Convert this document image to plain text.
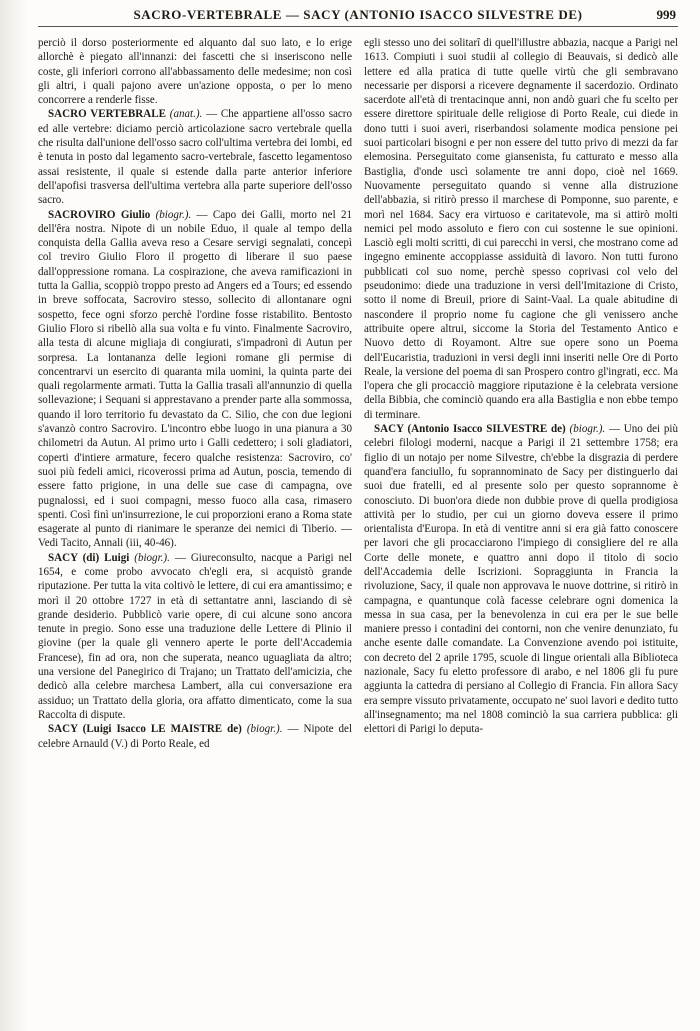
SACRO-VERTEBRALE — SACY (ANTONIO ISACCO SILVESTRE DE)	999

perciò il dorso posteriormente ed alquanto dal suo lato, e lo erige allorchè è piegato all'innanzi: dei fascetti che si inseriscono nelle coste, gli inferiori corrono all'abbassamento delle medesime; non così gli altri, i quali pajono avere un'azione opposta, o per lo meno concorrere a renderle fisse.

SACRO VERTEBRALE (anat.). — Che appartiene all'osso sacro ed alle vertebre: diciamo perciò articolazione sacro vertebrale quella che risulta dall'unione dell'osso sacro coll'ultima vertebra dei lombi, ed è tenuta in posto dal legamento sacro-vertebrale, fascetto legamentoso assai resistente, il quale si estende dalla parte anterior inferiore dell'apofisi trasversa dell'ultima vertebra alla parte superiore dell'osso sacro.

SACROVIRO Giulio (biogr.). — Capo dei Galli, morto nel 21 dell'êra nostra. Nipote di un nobile Eduo, il quale al tempo della conquista della Gallia aveva reso a Cesare servigi segnalati, concepì col treviro Giulio Floro il progetto di liberare il suo paese dall'oppressione romana. La cospirazione, che aveva ramificazioni in tutta la Gallia, scoppiò troppo presto ad Angers ed a Tours; ed essendo in breve soffocata, Sacroviro stesso, sollecito di allontanare ogni sospetto, fece ogni sforzo perchè l'ordine fosse ristabilito. Bentosto Giulio Floro si ribellò alla sua volta e fu vinto. Finalmente Sacroviro, alla testa di alcune migliaja di congiurati, s'impadronì di Autun per sorpresa. La lontananza delle legioni romane gli permise di concentrarvi un esercito di quaranta mila uomini, la quinta parte dei quali regolarmente armati. Tutta la Gallia trasalì all'annunzio di quella sollevazione; i Sequani si apprestavano a prender parte alla sommossa, quando il loro territorio fu devastato da C. Silio, che con due legioni s'avanzò contro Sacroviro. L'incontro ebbe luogo in una pianura a 30 chilometri da Autun. Al primo urto i Galli cedettero; i soli gladiatori, coperti d'intiere armature, fecero qualche resistenza: Sacroviro, co' suoi più fedeli amici, ricoverossi prima ad Autun, poscia, temendo di essere fatto prigione, in una delle sue case di campagna, ove pugnalossi, ed i suoi compagni, messo fuoco alla casa, rimasero spenti. Così finì un'insurrezione, le cui proporzioni erano a Roma state esagerate al punto di rianimare le speranze dei nemici di Tiberio. — Vedi Tacito, Annali (iii, 40-46).

SACY (di) Luigi (biogr.). — Giureconsulto, nacque a Parigi nel 1654, e come probo avvocato ch'egli era, si acquistò grande riputazione. Per tutta la vita coltivò le lettere, di cui era amantissimo; e morì il 20 ottobre 1727 in età di settantatre anni, lasciando di sè grande desiderio. Pubblicò varie opere, di cui alcune sono ancora tenute in pregio. Sono esse una traduzione delle Lettere di Plinio il giovine (per la quale gli vennero aperte le porte dell'Accademia Francese), fin ad ora, non che superata, neanco uguagliata da altro; una versione del Panegirico di Trajano; un Trattato dell'amicizia, che dedicò alla celebre marchesa Lambert, alla cui conversazione era assiduo; un Trattato della gloria, ora affatto dimenticato, come la sua Raccolta di dispute.

SACY (Luigi Isacco LE MAISTRE de) (biogr.). — Nipote del celebre Arnauld (V.) di Porto Reale, ed

egli stesso uno dei solitarî di quell'illustre abbazia, nacque a Parigi nel 1613. Compiuti i suoi studii al collegio di Beauvais, si dedicò alle lettere ed alla pratica di tutte quelle virtù che gli sembravano necessarie per disporsi a ricevere degnamente il sacerdozio. Ordinato sacerdote all'età di trentacinque anni, non andò guari che fu scelto per essere direttore spirituale delle religiose di Porto Reale, cui diede in dono tutti i suoi averi, riserbandosi solamente modica pensione pei suoi particolari bisogni e per non essere del tutto privo di mezzi da far elemosina. Perseguitato come giansenista, fu catturato e messo alla Bastiglia, d'onde uscì solamente tre anni dopo, cioè nel 1669. Nuovamente perseguitato quando si venne alla distruzione dell'abbazia, si ritirò presso il marchese di Pomponne, suo parente, e morì nel 1684. Sacy era virtuoso e caritatevole, ma si attirò molti nemici pel modo assoluto e fiero con cui sostenne le sue opinioni. Lasciò egli molti scritti, di cui parecchi in versi, che mostrano come ad ingegno eminente accoppiasse assiduità di lavoro. Non tutti furono pubblicati col suo nome, perchè spesso coprivasi col velo del pseudonimo: diede una traduzione in versi dell'Imitazione di Cristo, sotto il nome di Breuil, priore di Saint-Vaal. La quale abitudine di nascondere il proprio nome fu cagione che gli venissero anche attribuite opere altrui, siccome la Storia del Testamento Antico e Nuovo detto di Royamont. Altre sue opere sono un Poema dell'Eucaristia, traduzioni in versi degli inni inseriti nelle Ore di Porto Reale, la versione del poema di san Prospero contro gl'ingrati, ecc. Ma l'opera che gli procacciò maggiore riputazione è la celebrata versione della Bibbia, che cominciò quando era alla Bastiglia e non ebbe tempo di terminare.

SACY (Antonio Isacco SILVESTRE de) (biogr.). — Uno dei più celebri filologi moderni, nacque a Parigi il 21 settembre 1758; era figlio di un notajo per nome Silvestre, ch'ebbe la disgrazia di perdere quand'era fanciullo, fu soprannominato de Sacy per distinguerlo dai suoi due fratelli, ed al presente solo per questo soprannome è conosciuto. Di buon'ora diede non dubbie prove di quella prodigiosa attività per lo studio, per cui un giorno doveva essere il primo orientalista d'Europa. In età di ventitre anni si era già fatto conoscere per lavori che gli procacciarono l'impiego di consigliere del re alla Corte delle monete, e quattro anni dopo il titolo di socio dell'Accademia delle Iscrizioni. Sopraggiunta in Francia la rivoluzione, Sacy, il quale non approvava le nuove dottrine, si ritirò in campagna, e quantunque colà facesse celebrare ogni domenica la messa in sua casa, per la benevolenza in cui era per le sue belle maniere presso i contadini dei contorni, non che venire denunziato, fu anche esente dalle comandate. La Convenzione avendo poi istituite, con decreto del 2 aprile 1795, scuole di lingue orientali alla Biblioteca nazionale, Sacy fu eletto professore di arabo, e nel 1806 gli fu pure aggiunta la cattedra di persiano al Collegio di Francia. Fin allora Sacy era sempre vissuto privatamente, occupato ne' suoi lavori e dedito tutto all'insegnamento; ma nel 1808 cominciò la sua carriera pubblica: gli elettori di Parigi lo deputa-
